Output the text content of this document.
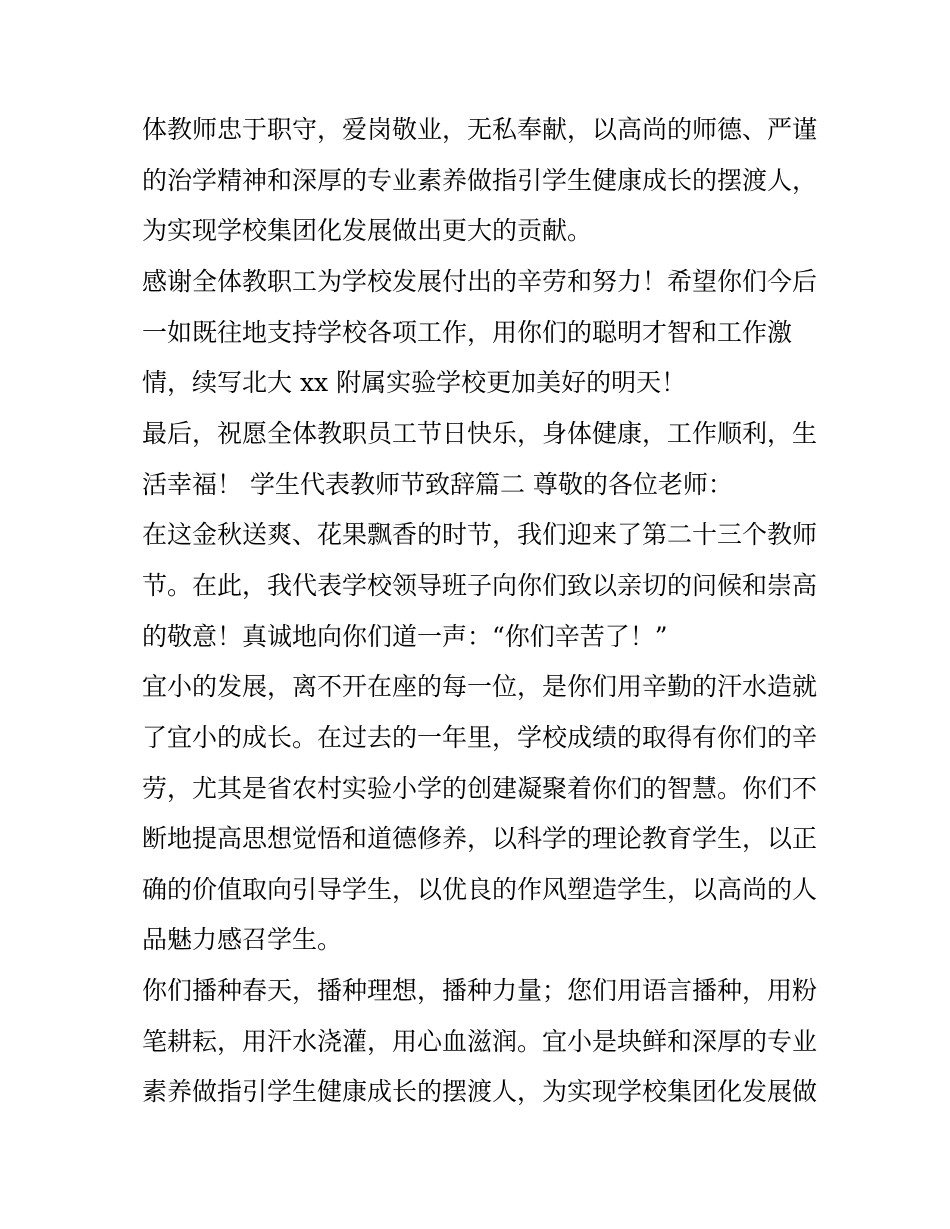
体教师忠于职守，爱岗敬业，无私奉献，以高尚的师德、严谨
的治学精神和深厚的专业素养做指引学生健康成长的摆渡人，
为实现学校集团化发展做出更大的贡献。
感谢全体教职工为学校发展付出的辛劳和努力！希望你们今后
一如既往地支持学校各项工作，用你们的聪明才智和工作激
情，续写北大 xx 附属实验学校更加美好的明天！
最后，祝愿全体教职员工节日快乐，身体健康，工作顺利，生
活幸福！ 学生代表教师节致辞篇二 尊敬的各位老师：
在这金秋送爽、花果飘香的时节，我们迎来了第二十三个教师
节。在此，我代表学校领导班子向你们致以亲切的问候和崇高
的敬意！真诚地向你们道一声：“你们辛苦了！”
宜小的发展，离不开在座的每一位，是你们用辛勤的汗水造就
了宜小的成长。在过去的一年里，学校成绩的取得有你们的辛
劳，尤其是省农村实验小学的创建凝聚着你们的智慧。你们不
断地提高思想觉悟和道德修养，以科学的理论教育学生，以正
确的价值取向引导学生，以优良的作风塑造学生，以高尚的人
品魅力感召学生。
你们播种春天，播种理想，播种力量；您们用语言播种，用粉
笔耕耘，用汗水浇灌，用心血滋润。宜小是块鲜和深厚的专业
素养做指引学生健康成长的摆渡人，为实现学校集团化发展做
